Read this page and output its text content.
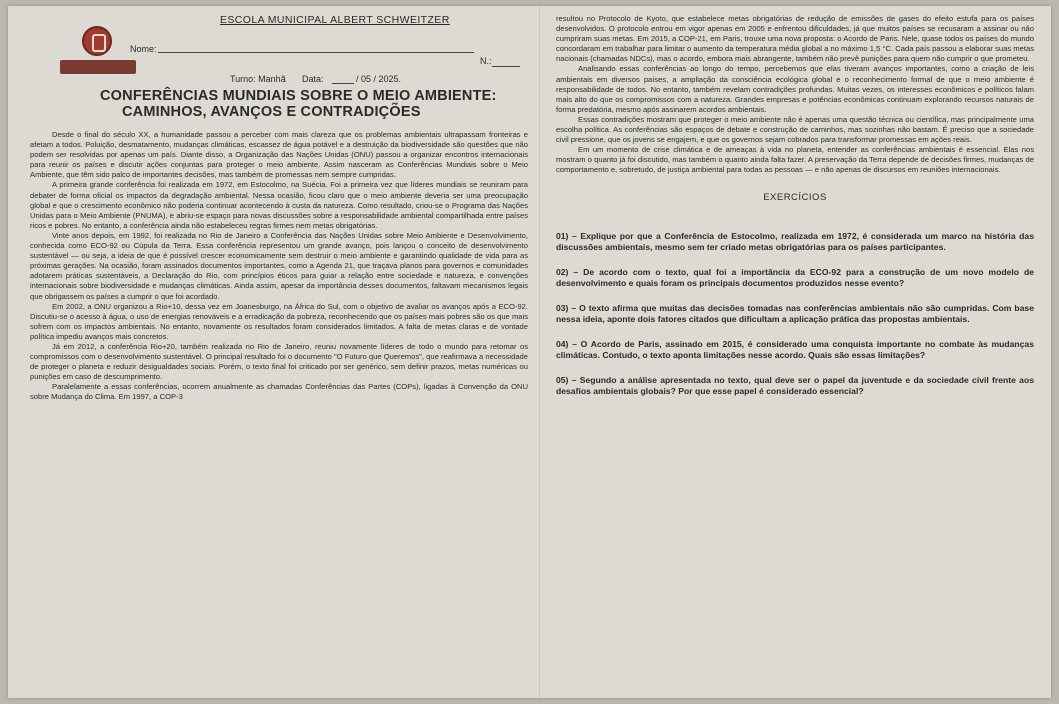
ESCOLA MUNICIPAL ALBERT SCHWEITZER
Nome:
N.:
Turno: Manhã Data:	/ 05 / 2025.
CONFERÊNCIAS MUNDIAIS SOBRE O MEIO AMBIENTE:
CAMINHOS, AVANÇOS E CONTRADIÇÕES

Desde o final do século XX, a humanidade passou a perceber com mais clareza que os problemas ambientais ultrapassam fronteiras e afetam a todos. Poluição, desmatamento, mudanças climáticas, escassez de água potável e a destruição da biodiversidade são questões que não podem ser resolvidas por apenas um país. Diante disso, a Organização das Nações Unidas (ONU) passou a organizar encontros internacionais para reunir os países e discutir ações conjuntas para proteger o meio ambiente. Assim nasceram as Conferências Mundiais sobre o Meio Ambiente, que têm sido palco de importantes decisões, mas também de promessas nem sempre cumpridas.

A primeira grande conferência foi realizada em 1972, em Estocolmo, na Suécia. Foi a primeira vez que líderes mundiais se reuniram para debater de forma oficial os impactos da degradação ambiental. Nessa ocasião, ficou claro que o meio ambiente deveria ser uma preocupação global e que o crescimento econômico não poderia continuar acontecendo à custa da natureza. Como resultado, criou-se o Programa das Nações Unidas para o Meio Ambiente (PNUMA), e abriu-se espaço para novas discussões sobre a responsabilidade ambiental compartilhada entre países ricos e pobres. No entanto, a conferência ainda não estabeleceu regras firmes nem metas obrigatórias.

Vinte anos depois, em 1992, foi realizada no Rio de Janeiro a Conferência das Nações Unidas sobre Meio Ambiente e Desenvolvimento, conhecida como ECO-92 ou Cúpula da Terra. Essa conferência representou um grande avanço, pois lançou o conceito de desenvolvimento sustentável — ou seja, a ideia de que é possível crescer economicamente sem destruir o meio ambiente e garantindo qualidade de vida para as próximas gerações. Na ocasião, foram assinados documentos importantes, como a Agenda 21, que traçava planos para governos e comunidades adotarem práticas sustentáveis, a Declaração do Rio, com princípios éticos para guiar a relação entre sociedade e natureza, e convenções internacionais sobre biodiversidade e mudanças climáticas. Ainda assim, apesar da importância desses documentos, faltavam mecanismos legais que obrigassem os países a cumprir o que foi acordado.

Em 2002, a ONU organizou a Rio+10, dessa vez em Joanesburgo, na África do Sul, com o objetivo de avaliar os avanços após a ECO-92. Discutiu-se o acesso à água, o uso de energias renováveis e a erradicação da pobreza, reconhecendo que os países mais pobres são os que mais sofrem com os impactos ambientais. No entanto, novamente os resultados foram considerados limitados. A falta de metas claras e de vontade política impediu avanços mais concretos.

Já em 2012, a conferência Rio+20, também realizada no Rio de Janeiro, reuniu novamente líderes de todo o mundo para retomar os compromissos com o desenvolvimento sustentável. O principal resultado foi o documento "O Futuro que Queremos", que reafirmava a necessidade de proteger o planeta e reduzir desigualdades sociais. Porém, o texto final foi criticado por ser genérico, sem definir prazos, metas numéricas ou punições em caso de descumprimento.

Paralelamente a essas conferências, ocorrem anualmente as chamadas Conferências das Partes (COPs), ligadas à Convenção da ONU sobre Mudança do Clima. Em 1997, a COP-3

resultou no Protocolo de Kyoto, que estabelece metas obrigatórias de redução de emissões de gases do efeito estufa para os países desenvolvidos. O protocolo entrou em vigor apenas em 2005 e enfrentou dificuldades, já que muitos países se recusaram a assinar ou não cumpriram suas metas. Em 2015, a COP-21, em Paris, trouxe uma nova proposta: o Acordo de Paris. Nele, quase todos os países do mundo concordaram em trabalhar para limitar o aumento da temperatura média global a no máximo 1,5 °C. Cada país passou a elaborar suas metas nacionais (chamadas NDCs), mas o acordo, embora mais abrangente, também não prevê punições para quem não cumprir o que prometeu.

Analisando essas conferências ao longo do tempo, percebemos que elas tiveram avanços importantes, como a criação de leis ambientais em diversos países, a ampliação da consciência ecológica global e o reconhecimento formal de que o meio ambiente é responsabilidade de todos. No entanto, também revelam contradições profundas. Muitas vezes, os interesses econômicos e políticos falam mais alto do que os compromissos com a natureza. Grandes empresas e potências econômicas continuam explorando recursos naturais de forma predatória, mesmo após assinarem acordos ambientais.

Essas contradições mostram que proteger o meio ambiente não é apenas uma questão técnica ou científica, mas principalmente uma escolha política. As conferências são espaços de debate e construção de caminhos, mas sozinhas não bastam. É preciso que a sociedade civil pressione, que os jovens se engajem, e que os governos sejam cobrados para transformar promessas em ações reais.

Em um momento de crise climática e de ameaças à vida no planeta, entender as conferências ambientais é essencial. Elas nos mostram o quanto já foi discutido, mas também o quanto ainda falta fazer. A preservação da Terra depende de decisões firmes, mudanças de comportamento e, sobretudo, de justiça ambiental para todas as pessoas — e não apenas de discursos em reuniões internacionais.

EXERCÍCIOS
01) – Explique por que a Conferência de Estocolmo, realizada em 1972, é considerada um marco na história das discussões ambientais, mesmo sem ter criado metas obrigatórias para os países participantes.
02) – De acordo com o texto, qual foi a importância da ECO-92 para a construção de um novo modelo de desenvolvimento e quais foram os principais documentos produzidos nesse evento?
03) – O texto afirma que muitas das decisões tomadas nas conferências ambientais não são cumpridas. Com base nessa ideia, aponte dois fatores citados que dificultam a aplicação prática das propostas ambientais.
04) – O Acordo de Paris, assinado em 2015, é considerado uma conquista importante no combate às mudanças climáticas. Contudo, o texto aponta limitações nesse acordo. Quais são essas limitações?
05) – Segundo a análise apresentada no texto, qual deve ser o papel da juventude e da sociedade civil frente aos desafios ambientais globais? Por que esse papel é considerado essencial?
